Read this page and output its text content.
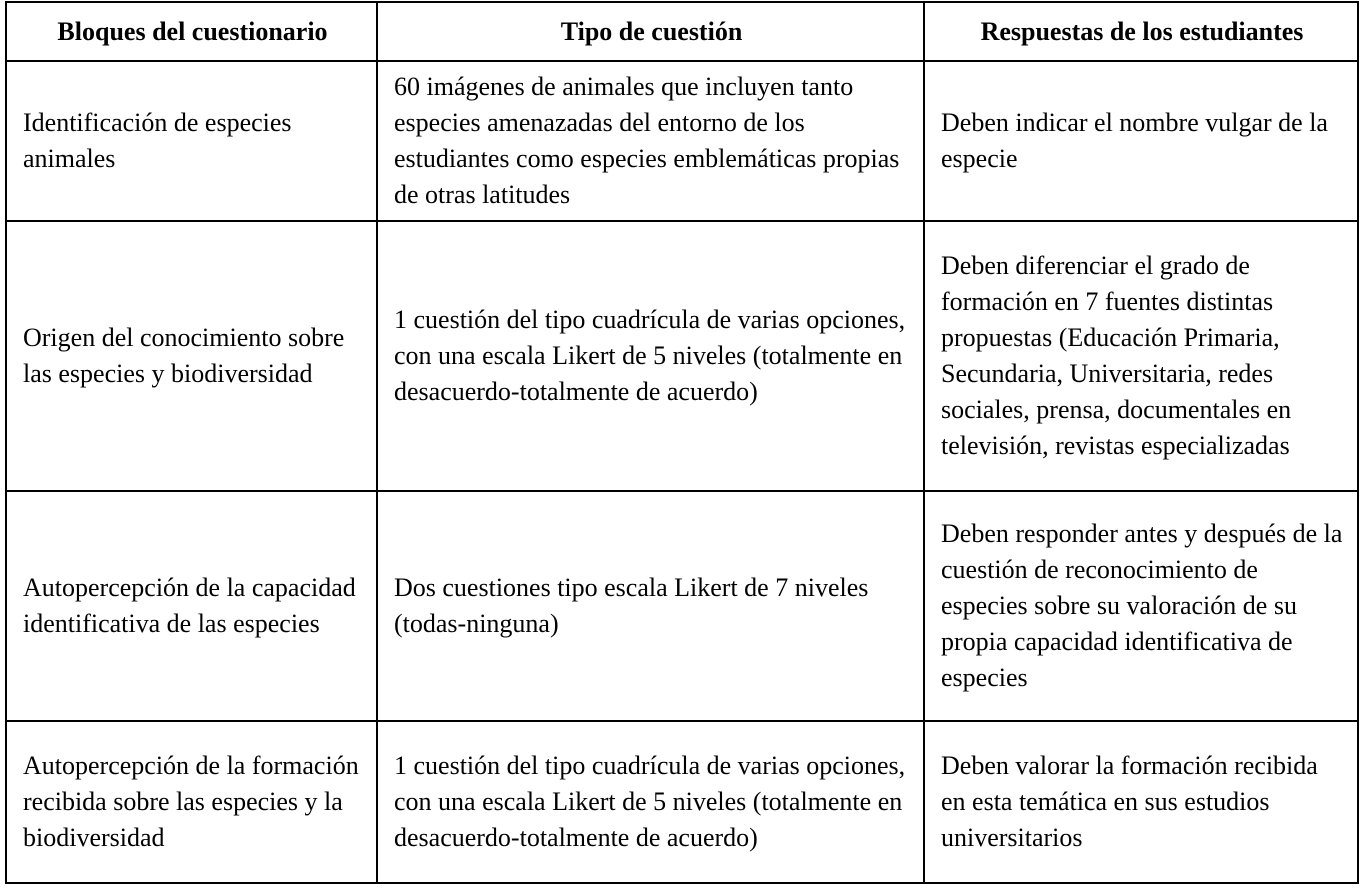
Bloques del cuestionario	Tipo de cuestión	Respuestas de los estudiantes
Identificación de especies animales	60 imágenes de animales que incluyen tanto especies amenazadas del entorno de los estudiantes como especies emblemáticas propias de otras latitudes	Deben indicar el nombre vulgar de la especie
Origen del conocimiento sobre las especies y biodiversidad	1 cuestión del tipo cuadrícula de varias opciones, con una escala Likert de 5 niveles (totalmente en desacuerdo-totalmente de acuerdo)	Deben diferenciar el grado de formación en 7 fuentes distintas propuestas (Educación Primaria, Secundaria, Universitaria, redes sociales, prensa, documentales en televisión, revistas especializadas
Autopercepción de la capacidad identificativa de las especies	Dos cuestiones tipo escala Likert de 7 niveles (todas-ninguna)	Deben responder antes y después de la cuestión de reconocimiento de especies sobre su valoración de su propia capacidad identificativa de especies
Autopercepción de la formación recibida sobre las especies y la biodiversidad	1 cuestión del tipo cuadrícula de varias opciones, con una escala Likert de 5 niveles (totalmente en desacuerdo-totalmente de acuerdo)	Deben valorar la formación recibida en esta temática en sus estudios universitarios
